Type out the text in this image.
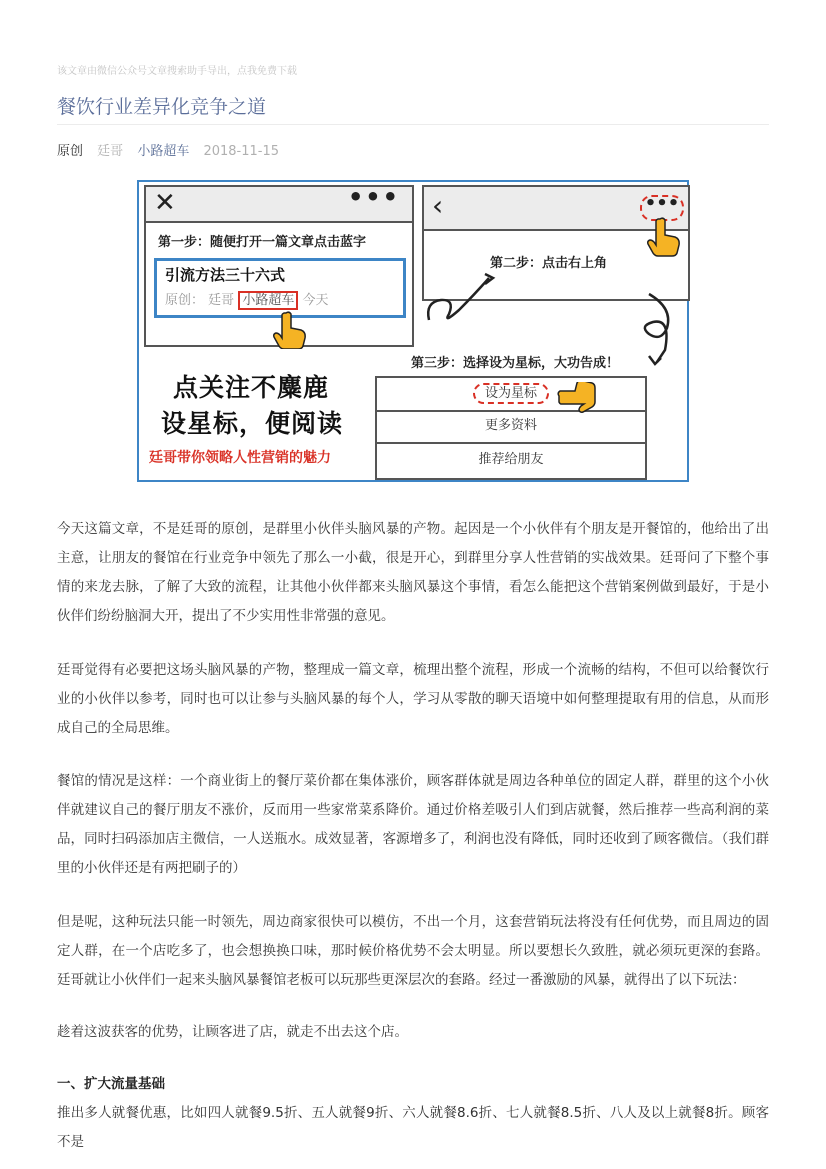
该文章由微信公众号文章搜索助手导出，点我免费下载
餐饮行业差异化竞争之道
原创 廷哥 小路超车 2018-11-15
✕	•••
第一步：随便打开一篇文章点击蓝字
引流方法三十六式
原创： 廷哥 小路超车 今天
‹	•••
第二步：点击右上角
第三步：选择设为星标，大功告成！
设为星标
更多资料
推荐给朋友
点关注不麋鹿
设星标，便阅读
廷哥带你领略人性营销的魅力
今天这篇文章，不是廷哥的原创，是群里小伙伴头脑风暴的产物。起因是一个小伙伴有个朋友是开餐馆的，他给出了出主意，让朋友的餐馆在行业竞争中领先了那么一小截，很是开心，到群里分享人性营销的实战效果。廷哥问了下整个事情的来龙去脉，了解了大致的流程，让其他小伙伴都来头脑风暴这个事情，看怎么能把这个营销案例做到最好，于是小伙伴们纷纷脑洞大开，提出了不少实用性非常强的意见。
廷哥觉得有必要把这场头脑风暴的产物，整理成一篇文章，梳理出整个流程，形成一个流畅的结构，不但可以给餐饮行业的小伙伴以参考，同时也可以让参与头脑风暴的每个人，学习从零散的聊天语境中如何整理提取有用的信息，从而形成自己的全局思维。
餐馆的情况是这样：一个商业街上的餐厅菜价都在集体涨价，顾客群体就是周边各种单位的固定人群，群里的这个小伙伴就建议自己的餐厅朋友不涨价，反而用一些家常菜系降价。通过价格差吸引人们到店就餐，然后推荐一些高利润的菜品，同时扫码添加店主微信，一人送瓶水。成效显著，客源增多了，利润也没有降低，同时还收到了顾客微信。（我们群里的小伙伴还是有两把刷子的）
但是呢，这种玩法只能一时领先，周边商家很快可以模仿，不出一个月，这套营销玩法将没有任何优势，而且周边的固定人群，在一个店吃多了，也会想换换口味，那时候价格优势不会太明显。所以要想长久致胜，就必须玩更深的套路。廷哥就让小伙伴们一起来头脑风暴餐馆老板可以玩那些更深层次的套路。经过一番激励的风暴，就得出了以下玩法：
趁着这波获客的优势，让顾客进了店，就走不出去这个店。
一、扩大流量基础
推出多人就餐优惠，比如四人就餐9.5折、五人就餐9折、六人就餐8.6折、七人就餐8.5折、八人及以上就餐8折。顾客不是
